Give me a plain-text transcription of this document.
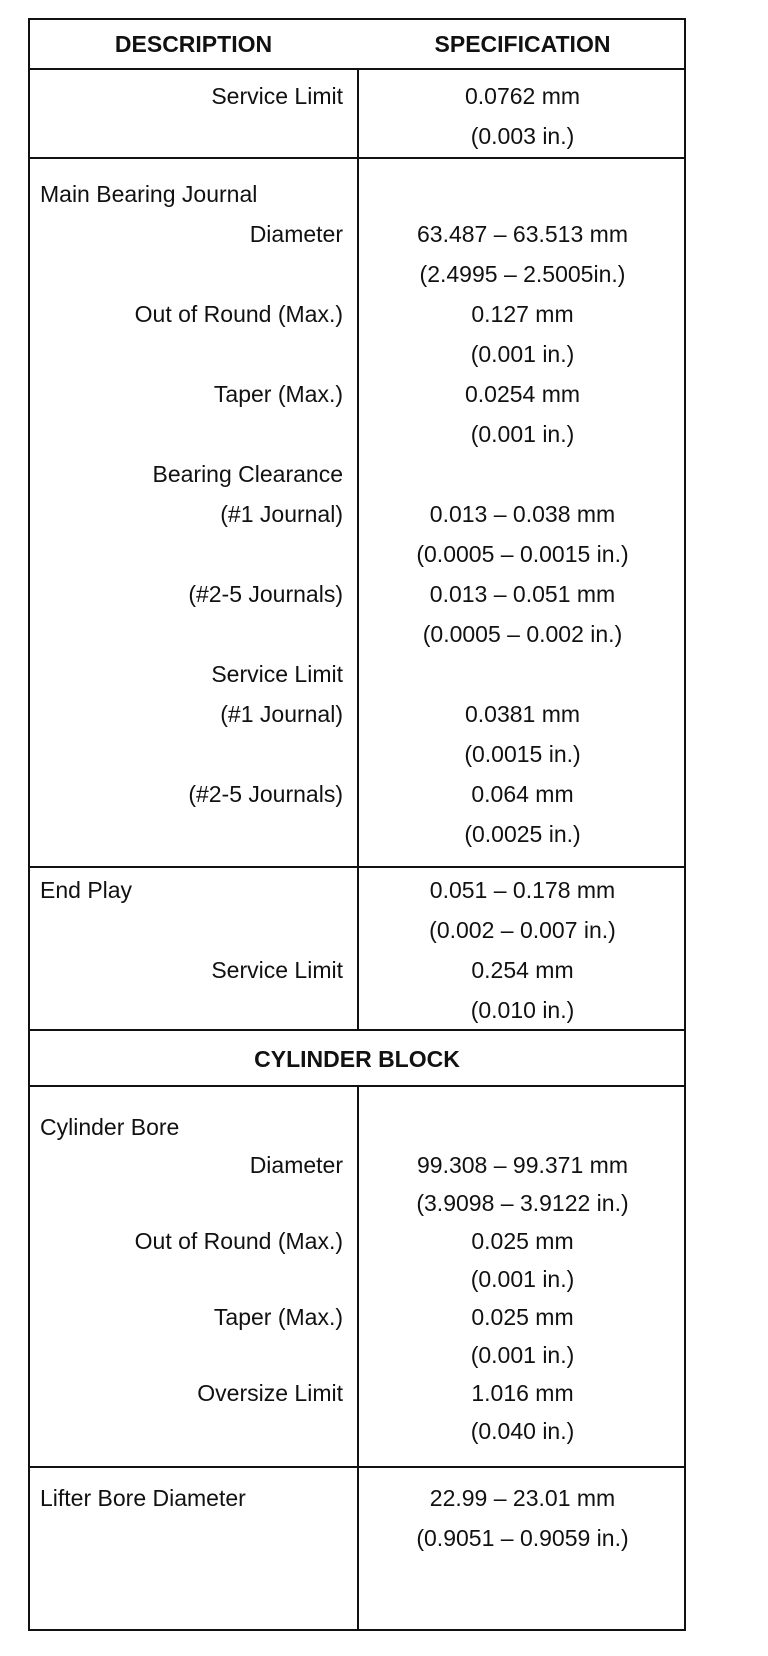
DESCRIPTION	SPECIFICATION
Service Limit	0.0762 mm
(0.003 in.)
Main Bearing Journal
Diameter	63.487 – 63.513 mm
(2.4995 – 2.5005in.)
Out of Round (Max.)	0.127 mm
(0.001 in.)
Taper (Max.)	0.0254 mm
(0.001 in.)
Bearing Clearance
(#1 Journal)	0.013 – 0.038 mm
(0.0005 – 0.0015 in.)
(#2-5 Journals)	0.013 – 0.051 mm
(0.0005 – 0.002 in.)
Service Limit
(#1 Journal)	0.0381 mm
(0.0015 in.)
(#2-5 Journals)	0.064 mm
(0.0025 in.)
End Play	0.051 – 0.178 mm
(0.002 – 0.007 in.)
Service Limit	0.254 mm
(0.010 in.)
CYLINDER BLOCK
Cylinder Bore
Diameter	99.308 – 99.371 mm
(3.9098 – 3.9122 in.)
Out of Round (Max.)	0.025 mm
(0.001 in.)
Taper (Max.)	0.025 mm
(0.001 in.)
Oversize Limit	1.016 mm
(0.040 in.)
Lifter Bore Diameter	22.99 – 23.01 mm
(0.9051 – 0.9059 in.)
